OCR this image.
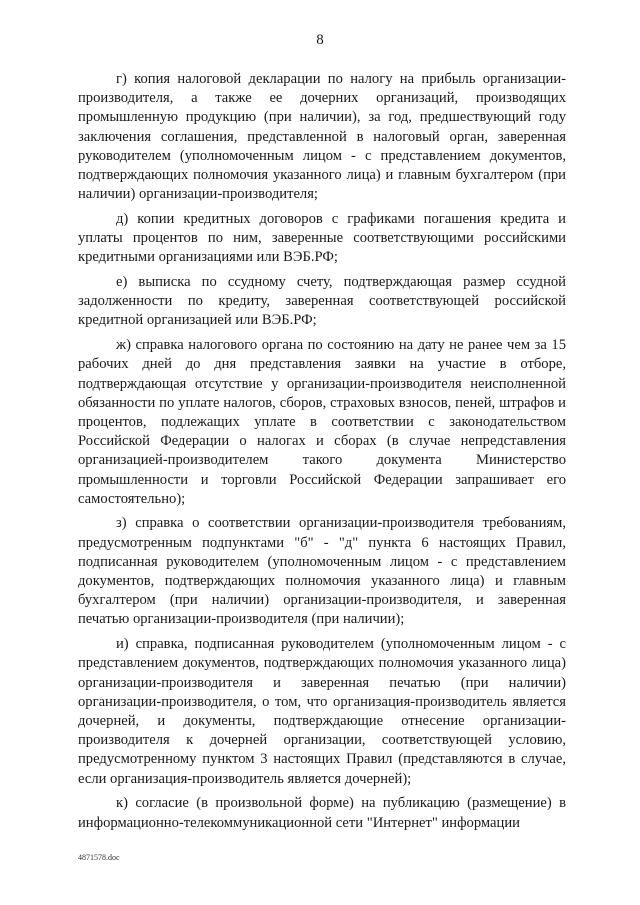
8

г) копия налоговой декларации по налогу на прибыль организации-производителя, а также ее дочерних организаций, производящих промышленную продукцию (при наличии), за год, предшествующий году заключения соглашения, представленной в налоговый орган, заверенная руководителем (уполномоченным лицом - с представлением документов, подтверждающих полномочия указанного лица) и главным бухгалтером (при наличии) организации-производителя;

д) копии кредитных договоров с графиками погашения кредита и уплаты процентов по ним, заверенные соответствующими российскими кредитными организациями или ВЭБ.РФ;

е) выписка по ссудному счету, подтверждающая размер ссудной задолженности по кредиту, заверенная соответствующей российской кредитной организацией или ВЭБ.РФ;

ж) справка налогового органа по состоянию на дату не ранее чем за 15 рабочих дней до дня представления заявки на участие в отборе, подтверждающая отсутствие у организации-производителя неисполненной обязанности по уплате налогов, сборов, страховых взносов, пеней, штрафов и процентов, подлежащих уплате в соответствии с законодательством Российской Федерации о налогах и сборах (в случае непредставления организацией-производителем такого документа Министерство промышленности и торговли Российской Федерации запрашивает его самостоятельно);

з) справка о соответствии организации-производителя требованиям, предусмотренным подпунктами "б" - "д" пункта 6 настоящих Правил, подписанная руководителем (уполномоченным лицом - с представлением документов, подтверждающих полномочия указанного лица) и главным бухгалтером (при наличии) организации-производителя, и заверенная печатью организации-производителя (при наличии);

и) справка, подписанная руководителем (уполномоченным лицом - с представлением документов, подтверждающих полномочия указанного лица) организации-производителя и заверенная печатью (при наличии) организации-производителя, о том, что организация-производитель является дочерней, и документы, подтверждающие отнесение организации-производителя к дочерней организации, соответствующей условию, предусмотренному пунктом 3 настоящих Правил (представляются в случае, если организация-производитель является дочерней);

к) согласие (в произвольной форме) на публикацию (размещение) в информационно-телекоммуникационной сети "Интернет" информации

4871578.doc
